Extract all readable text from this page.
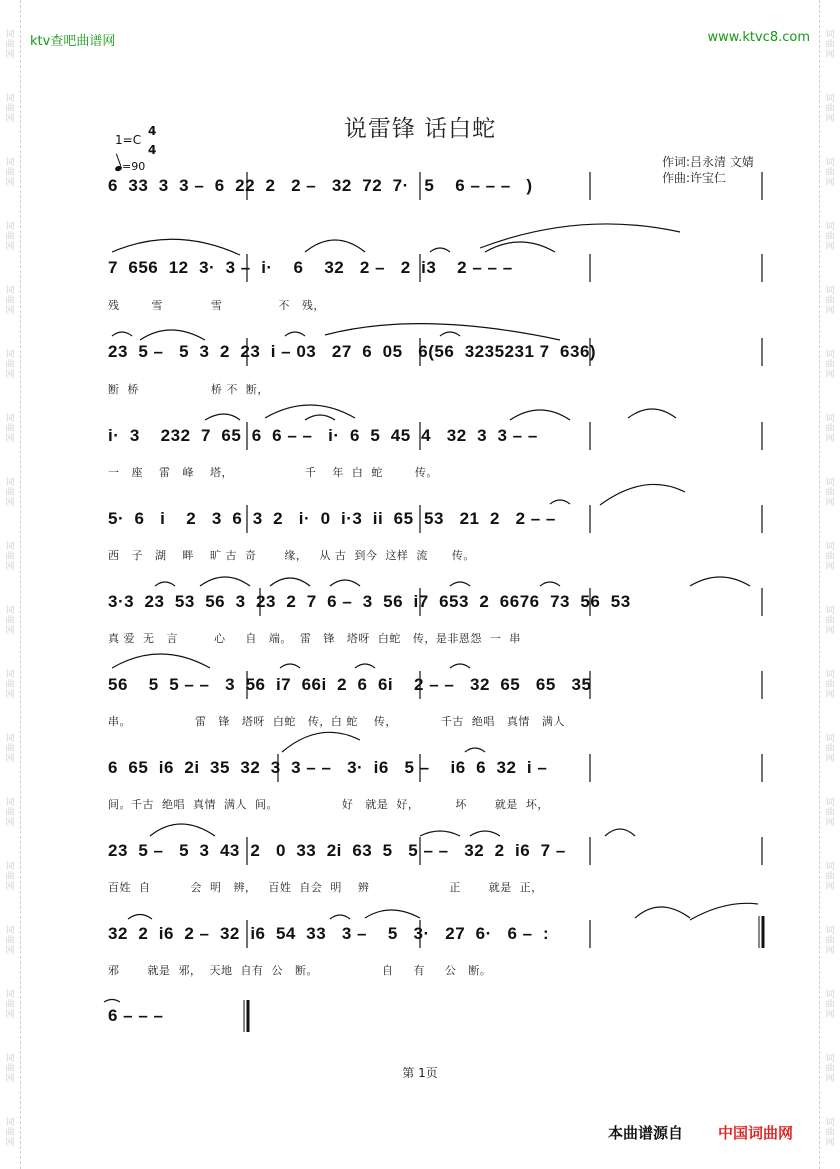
词
曲
网
词
曲
网
词
曲
网
词
曲
网
词
曲
网
词
曲
网
词
曲
网
词
曲
网
词
曲
网
词
曲
网
词
曲
网
词
曲
网
词
曲
网
词
曲
网
词
曲
网
词
曲
网
词
曲
网
词
曲
网
词
曲
网
词
曲
网
词
曲
网
词
曲
网
词
曲
网
词
曲
网
词
曲
网
词
曲
网
词
曲
网
词
曲
网
词
曲
网
词
曲
网
词
曲
网
词
曲
网
词
曲
网
词
曲
网
词
曲
网
词
曲
网
ktv查吧曲谱网	www.ktvc8.com
说雷锋 话白蛇
1=C
4
4
=90	作词:吕永清 文婧
作曲:许宝仁
6  33  3  3 –  6  22  2   2 –   32  72  7·   5    6 – – –   )
7  656  12  3·  3 –  i·    6    32   2 –   2  i3    2 – – –
残        雪            雪              不   残，
23  5 –   5  3  2  23  i – 03   27  6  05   6(56  3235231 7  636)
断  桥                  桥 不  断，
i·  3    232  7  65  6  6 – –   i·  6  5  45  4   32  3  3 – –
一   座    雷   峰    塔，                  千    年  白  蛇        传。
5·  6   i    2   3  6  3  2   i·  0  i·3  ii  65  53   21  2   2 – –
西   子   湖    畔    旷 古  奇       缘，   从 古  到今  这样  流      传。
3·3  23  53  56  3  23  2  7  6 –  3  56  i7  653  2  6676  73  56  53
真 爱  无   言         心     自   端。  雷   锋   塔呀  白蛇   传，是非恩怨  一  串
56    5  5 – –   3  56  i7  66i  2  6  6i    2 – –   32  65   65   35
串。                雷   锋   塔呀  白蛇   传，白 蛇    传，           千古  绝唱   真情   满人
6  65  i6  2i  35  32  3  3 – –   3·  i6   5 –    i6  6  32  i –
间。千古  绝唱  真情  满人  间。                好   就是  好，         坏       就是  坏，
23  5 –   5  3  43  2   0  33  2i  63  5   5 – –   32  2  i6  7 –
百姓  自          会  明   辨，   百姓  自会  明    辨                    正       就是  正，
32  2  i6  2 –  32  i6  54  33   3 –    5   3·   27  6·   6 –  :
邪       就是  邪，  天地  自有  公   断。                自     有     公   断。
6 – – –
第 1页
本曲谱源自 中国词曲网
